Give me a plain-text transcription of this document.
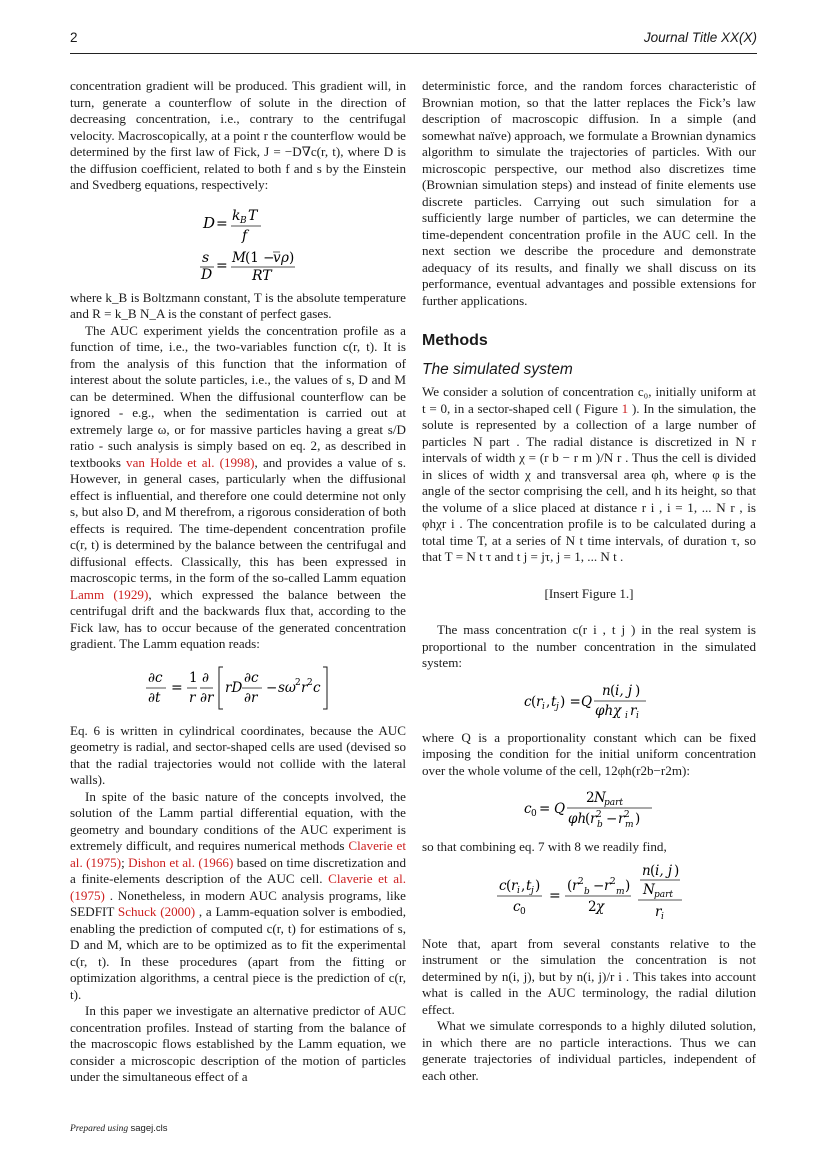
2	Journal Title XX(X)

concentration gradient will be produced. This gradient will, in turn, generate a counterflow of solute in the direction of decreasing concentration, i.e., contrary to the centrifugal velocity. Macroscopically, at a point r the counterflow would be determined by the first law of Fick, J = −D∇c(r, t), where D is the diffusion coefficient, related to both f and s by the Einstein and Svedberg equations, respectively:

D = k B T
f
s
D
= M (1 −
v ρ )
RT

where k_B is Boltzmann constant, T is the absolute temperature and R = k_B N_A is the constant of perfect gases.

The AUC experiment yields the concentration profile as a function of time, i.e., the two-variables function c(r, t). It is from the analysis of this function that the information of interest about the solute particles, i.e., the values of s, D and M can be determined. When the diffusional counterflow can be ignored - e.g., when the sedimentation is carried out at extremely large ω, or for massive particles having a great s/D ratio - such analysis is simply based on eq. 2, as described in textbooks van Holde et al. (1998), and provides a value of s. However, in general cases, particularly when the diffusional effect is influential, and therefore one could determine not only s, but also D, and M therefrom, a rigorous consideration of both effects is required. The time-dependent concentration profile c(r, t) is determined by the balance between the centrifugal and diffusional effects. Classically, this has been expressed in macroscopic terms, in the form of the so-called Lamm equation Lamm (1929), which expressed the balance between the centrifugal drift and the backwards flux that, according to the Fick law, has to occur because of the generated concentration gradient. The Lamm equation reads:

∂c
∂t
=
1
r
∂
∂r
rD
∂c
∂r
− sω 2 r 2 c

Eq. 6 is written in cylindrical coordinates, because the AUC geometry is radial, and sector-shaped cells are used (devised so that the radial trajectories would not collide with the lateral walls).

In spite of the basic nature of the concepts involved, the solution of the Lamm partial differential equation, with the geometry and boundary conditions of the AUC experiment is extremely difficult, and requires numerical methods Claverie et al. (1975); Dishon et al. (1966) based on time discretization and a finite-elements description of the AUC cell. Claverie et al. (1975) . Nonetheless, in modern AUC analysis programs, like SEDFIT Schuck (2000) , a Lamm-equation solver is embodied, enabling the prediction of computed c(r, t) for estimations of s, D and M, which are to be optimized as to fit the experimental c(r, t). In these procedures (apart from the fitting or optimization algorithms, a central piece is the prediction of c(r, t).

In this paper we investigate an alternative predictor of AUC concentration profiles. Instead of starting from the balance of the macroscopic flows established by the Lamm equation, we consider a microscopic description of the motion of particles under the simultaneous effect of a

deterministic force, and the random forces characteristic of Brownian motion, so that the latter replaces the Fick’s law description of macroscopic diffusion. In a simple (and somewhat naïve) approach, we formulate a Brownian dynamics algorithm to simulate the trajectories of particles. With our microscopic perspective, our method also discretizes time (Brownian simulation steps) and instead of finite elements use discrete particles. Carrying out such simulation for a sufficiently large number of particles, we can determine the time-dependent concentration profile in the AUC cell. In the next section we describe the procedure and demonstrate adequacy of its results, and finally we shall discuss on its performance, eventual advantages and possible extensions for further applications.

Methods
The simulated system

We consider a solution of concentration c₀, initially uniform at t = 0, in a sector-shaped cell ( Figure 1 ). In the simulation, the solute is represented by a collection of a large number of particles N part . The radial distance is discretized in N r intervals of width χ = (r b − r m )/N r . Thus the cell is divided in slices of width χ and transversal area φh, where φ is the angle of the sector comprising the cell, and h its height, so that the volume of a slice placed at distance r i , i = 1, ... N r , is φhχr i . The concentration profile is to be calculated during a total time T, at a series of N t time intervals, of duration τ, so that T = N t τ and t j = jτ, j = 1, ... N t .

[Insert Figure 1.]

The mass concentration c(r i , t j ) in the real system is proportional to the number concentration in the simulated system:

c ( r i , t j ) = Q
n ( i, j )
φhχ i r i

where Q is a proportionality constant which can be fixed imposing the condition for the initial uniform concentration over the whole volume of the cell, 12φh(r2b−r2m):

c 0 = Q
2 N
part
φh
( r 2
b − r 2
m )

so that combining eq. 7 with 8 we readily find,

c ( r i , t j )
c 0
=
( r 2
b − r 2
m )
2 χ
n ( i, j )
N part
r i

Note that, apart from several constants relative to the instrument or the simulation the concentration is not determined by n(i, j), but by n(i, j)/r i . This takes into account what is called in the AUC terminology, the radial dilution effect.

What we simulate corresponds to a highly diluted solution, in which there are no particle interactions. Thus we can generate trajectories of individual particles, independent of each other.

Prepared using sagej.cls
